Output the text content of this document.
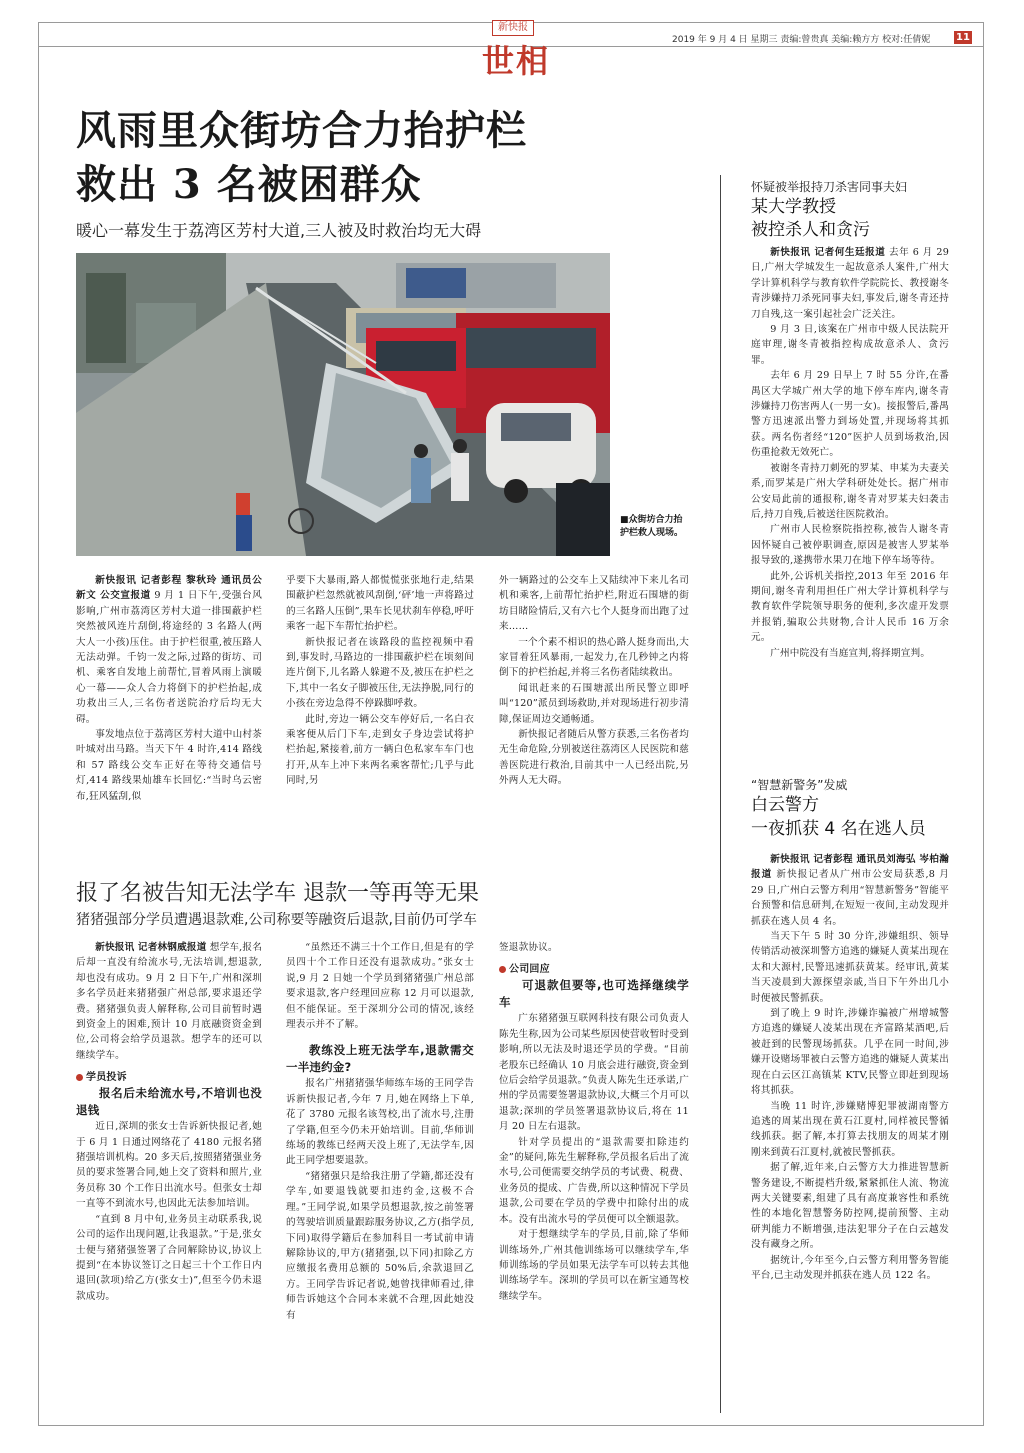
新快报
世相
2019 年 9 月 4 日 星期三 责编:曾贵真 美编:赖方方 校对:任倩妮	11
风雨里众街坊合力抬护栏
救出 3 名被困群众
暖心一幕发生于荔湾区芳村大道,三人被及时救治均无大碍
■众街坊合力抬护栏救人现场。

新快报讯 记者彭程 黎秋玲 通讯员公新文 公交宣报道 9 月 1 日下午,受强台风影响,广州市荔湾区芳村大道一排围蔽护栏突然被风连片刮倒,将途经的 3 名路人(两大人一小孩)压住。由于护栏很重,被压路人无法动弹。千钧一发之际,过路的街坊、司机、乘客自发地上前帮忙,冒着风雨上演暖心一幕——众人合力将倒下的护栏抬起,成功救出三人,三名伤者送院治疗后均无大碍。

事发地点位于荔湾区芳村大道中山村茶叶城对出马路。当天下午 4 时许,414 路线和 57 路线公交车正好在等待交通信号灯,414 路线果灿雄车长回忆:“当时乌云密布,狂风猛刮,似

乎要下大暴雨,路人都慌慌张张地行走,结果围蔽护栏忽然就被风刮倒,‘砰’地一声将路过的三名路人压倒”,果车长见状刹车停稳,呼吁乘客一起下车帮忙抬护栏。

新快报记者在该路段的监控视频中看到,事发时,马路边的一排围蔽护栏在顷刻间连片倒下,儿名路人躲避不及,被压在护栏之下,其中一名女子脚被压住,无法挣脱,同行的小孩在旁边急得不停跺脚呼救。

此时,旁边一辆公交车停好后,一名白衣乘客便从后门下车,走到女子身边尝试将护栏抬起,紧接着,前方一辆白色私家车车门也打开,从车上冲下来两名乘客帮忙;几乎与此同时,另

外一辆路过的公交车上又陆续冲下来儿名司机和乘客,上前帮忙抬护栏,附近石围塘的街坊目睹险情后,又有六七个人挺身而出跑了过来……

一个个素不相识的热心路人挺身而出,大家冒着狂风暴雨,一起发力,在几秒钟之内将倒下的护栏抬起,并将三名伤者陆续救出。

闻讯赶来的石围塘派出所民警立即呼叫“120”派员到场救助,并对现场进行初步清障,保证周边交通畅通。

新快报记者随后从警方获悉,三名伤者均无生命危险,分别被送往荔湾区人民医院和慈善医院进行救治,目前其中一人已经出院,另外两人无大碍。

报了名被告知无法学车 退款一等再等无果
猪猪强部分学员遭遇退款难,公司称要等融资后退款,目前仍可学车

新快报讯 记者林钢威报道 想学车,报名后却一直没有给流水号,无法培训,想退款,却也没有成功。9 月 2 日下午,广州和深圳多名学员赶来猪猪强广州总部,要求退还学费。猪猪强负责人解释称,公司目前暂时遇到资金上的困难,预计 10 月底融资资金到位,公司将会给学员退款。想学车的还可以继续学车。

学员投诉
报名后未给流水号,不培训也没退钱

近日,深圳的张女士告诉新快报记者,她于 6 月 1 日通过网络花了 4180 元报名猪猪强培训机构。20 多天后,按照猪猪强业务员的要求签署合同,她上交了资料和照片,业务员称 30 个工作日出流水号。但张女士却一直等不到流水号,也因此无法参加培训。

“直到 8 月中旬,业务员主动联系我,说公司的运作出现问题,让我退款。”于是,张女士便与猪猪强签署了合同解除协议,协议上提到“在本协议签订之日起三十个工作日内退回(款项)给乙方(张女士)”,但至今仍未退款成功。

“虽然还不满三十个工作日,但是有的学员四十个工作日还没有退款成功。”张女士说,9 月 2 日她一个学员到猪猪强广州总部要求退款,客户经理回应称 12 月可以退款,但不能保证。至于深圳分公司的情况,该经理表示并不了解。

教练没上班无法学车,退款需交一半违约金?

报名广州猪猪强华师练车场的王同学告诉新快报记者,今年 7 月,她在网络上下单,花了 3780 元报名该驾校,出了流水号,注册了学籍,但至今仍未开始培训。目前,华师训练场的教练已经两天没上班了,无法学车,因此王同学想要退款。

“猪猪强只是给我注册了学籍,都还没有学车,如要退钱就要扣违约金,这极不合理。”王同学说,如果学员想退款,按之前签署的驾驶培训质量跟踪服务协议,乙方(指学员,下同)取得学籍后在参加科目一考试前申请解除协议的,甲方(猪猪强,以下同)扣除乙方应缴报名费用总额的 50%后,余款退回乙方。王同学告诉记者说,她曾找律师看过,律师告诉她这个合同本来就不合理,因此她没有

签退款协议。

公司回应
可退款但要等,也可选择继续学车

广东猪猪强互联网科技有限公司负责人陈先生称,因为公司某些原因使营收暂时受到影响,所以无法及时退还学员的学费。“目前老股东已经确认 10 月底会进行融资,资金到位后会给学员退款。”负责人陈先生还承诺,广州的学员需要签署退款协议,大概三个月可以退款;深圳的学员签署退款协议后,将在 11 月 20 日左右退款。

针对学员提出的“退款需要扣除违约金”的疑问,陈先生解释称,学员报名后出了流水号,公司便需要交纳学员的考试费、税费、业务员的提成、广告费,所以这种情况下学员退款,公司要在学员的学费中扣除付出的成本。没有出流水号的学员便可以全额退款。

对于想继续学车的学员,目前,除了华师训练场外,广州其他训练场可以继续学车,华师训练场的学员如果无法学车可以转去其他训练场学车。深圳的学员可以在新宝通驾校继续学车。

怀疑被举报持刀杀害同事夫妇
某大学教授
被控杀人和贪污

新快报讯 记者何生廷报道 去年 6 月 29 日,广州大学城发生一起故意杀人案件,广州大学计算机科学与教育软件学院院长、教授谢冬青涉嫌持刀杀死同事夫妇,事发后,谢冬青还持刀自残,这一案引起社会广泛关注。

9 月 3 日,该案在广州市中级人民法院开庭审理,谢冬青被指控构成故意杀人、贪污罪。

去年 6 月 29 日早上 7 时 55 分许,在番禺区大学城广州大学的地下停车库内,谢冬青涉嫌持刀伤害两人(一男一女)。接报警后,番禺警方迅速派出警力到场处置,并现场将其抓获。两名伤者经“120”医护人员到场救治,因伤重抢救无效死亡。

被谢冬青持刀刺死的罗某、申某为夫妻关系,而罗某是广州大学科研处处长。据广州市公安局此前的通报称,谢冬青对罗某夫妇袭击后,持刀自残,后被送往医院救治。

广州市人民检察院指控称,被告人谢冬青因怀疑自己被停职调查,原因是被害人罗某举报导致的,遂携带水果刀在地下停车场等待。

此外,公诉机关指控,2013 年至 2016 年期间,谢冬青利用担任广州大学计算机科学与教育软件学院领导职务的便利,多次虚开发票并报销,骗取公共财物,合计人民币 16 万余元。

广州中院没有当庭宣判,将择期宣判。

“智慧新警务”发威
白云警方
一夜抓获 4 名在逃人员

新快报讯 记者彭程 通讯员刘海弘 岑柏瀚报道 新快报记者从广州市公安局获悉,8 月 29 日,广州白云警方利用“智慧新警务”智能平台预警和信息研判,在短短一夜间,主动发现并抓获在逃人员 4 名。

当天下午 5 时 30 分许,涉嫌组织、领导传销活动被深圳警方追逃的嫌疑人黄某出现在太和大源村,民警迅速抓获黄某。经审讯,黄某当天凌晨到大源探望亲戚,当日下午外出几小时便被民警抓获。

到了晚上 9 时许,涉嫌诈骗被广州增城警方追逃的嫌疑人凌某出现在齐富路某酒吧,后被赶到的民警现场抓获。几乎在同一时间,涉嫌开设赌场罪被白云警方追逃的嫌疑人黄某出现在白云区江高镇某 KTV,民警立即赶到现场将其抓获。

当晚 11 时许,涉嫌赌博犯罪被湖南警方追逃的周某出现在黄石江夏村,同样被民警循线抓获。据了解,本打算去找朋友的周某才刚刚来到黄石江夏村,就被民警抓获。

据了解,近年来,白云警方大力推进智慧新警务建设,不断提档升级,紧紧抓住人流、物流两大关键要素,组建了具有高度兼容性和系统性的本地化智慧警务防控网,提前预警、主动研判能力不断增强,违法犯罪分子在白云越发没有藏身之所。

据统计,今年至今,白云警方利用警务智能平台,已主动发现并抓获在逃人员 122 名。
